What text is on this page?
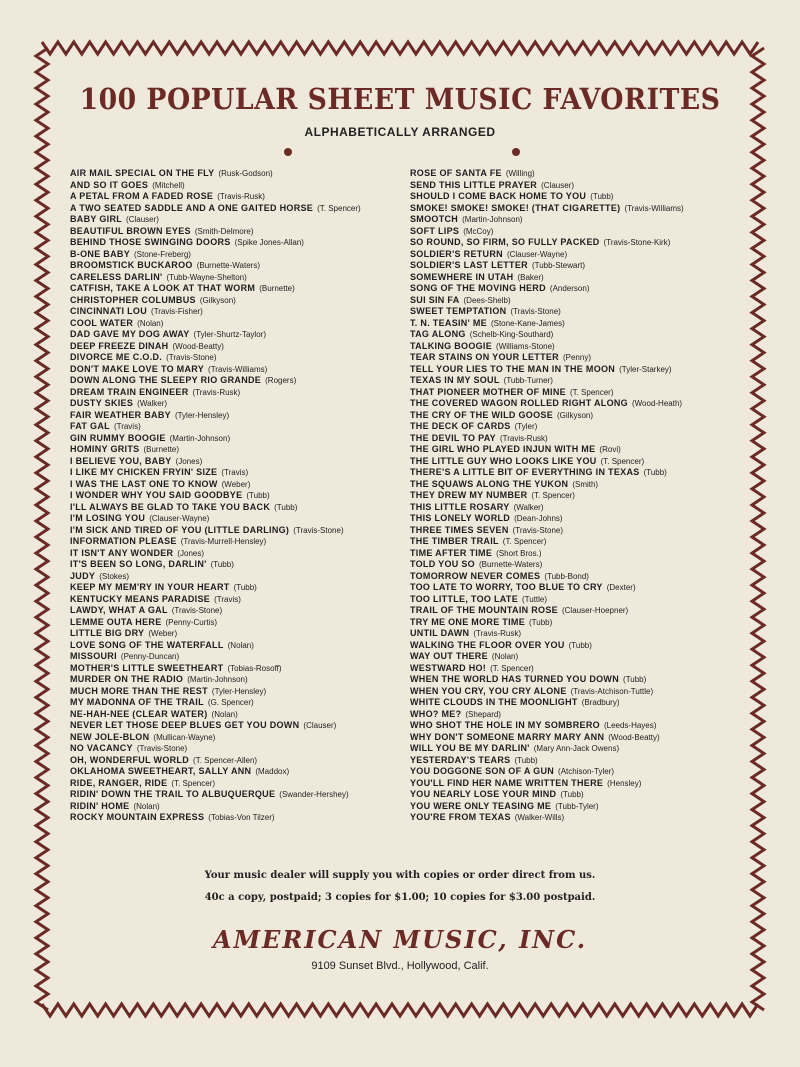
100 POPULAR SHEET MUSIC FAVORITES
ALPHABETICALLY ARRANGED
AIR MAIL SPECIAL ON THE FLY (Rusk-Godson)
AND SO IT GOES (Mitchell)
A PETAL FROM A FADED ROSE (Travis-Rusk)
A TWO SEATED SADDLE AND A ONE GAITED HORSE (T. Spencer)
BABY GIRL (Clauser)
BEAUTIFUL BROWN EYES (Smith-Delmore)
BEHIND THOSE SWINGING DOORS (Spike Jones-Allan)
B-ONE BABY (Stone-Freberg)
BROOMSTICK BUCKAROO (Burnette-Waters)
CARELESS DARLIN' (Tubb-Wayne-Shelton)
CATFISH, TAKE A LOOK AT THAT WORM (Burnette)
CHRISTOPHER COLUMBUS (Gilkyson)
CINCINNATI LOU (Travis-Fisher)
COOL WATER (Nolan)
DAD GAVE MY DOG AWAY (Tyler-Shurtz-Taylor)
DEEP FREEZE DINAH (Wood-Beatty)
DIVORCE ME C.O.D. (Travis-Stone)
DON'T MAKE LOVE TO MARY (Travis-Williams)
DOWN ALONG THE SLEEPY RIO GRANDE (Rogers)
DREAM TRAIN ENGINEER (Travis-Rusk)
DUSTY SKIES (Walker)
FAIR WEATHER BABY (Tyler-Hensley)
FAT GAL (Travis)
GIN RUMMY BOOGIE (Martin-Johnson)
HOMINY GRITS (Burnette)
I BELIEVE YOU, BABY (Jones)
I LIKE MY CHICKEN FRYIN' SIZE (Travis)
I WAS THE LAST ONE TO KNOW (Weber)
I WONDER WHY YOU SAID GOODBYE (Tubb)
I'LL ALWAYS BE GLAD TO TAKE YOU BACK (Tubb)
I'M LOSING YOU (Clauser-Wayne)
I'M SICK AND TIRED OF YOU (LITTLE DARLING) (Travis-Stone)
INFORMATION PLEASE (Travis-Murrell-Hensley)
IT ISN'T ANY WONDER (Jones)
IT'S BEEN SO LONG, DARLIN' (Tubb)
JUDY (Stokes)
KEEP MY MEM'RY IN YOUR HEART (Tubb)
KENTUCKY MEANS PARADISE (Travis)
LAWDY, WHAT A GAL (Travis-Stone)
LEMME OUTA HERE (Penny-Curtis)
LITTLE BIG DRY (Weber)
LOVE SONG OF THE WATERFALL (Nolan)
MISSOURI (Penny-Duncan)
MOTHER'S LITTLE SWEETHEART (Tobias-Rosoff)
MURDER ON THE RADIO (Martin-Johnson)
MUCH MORE THAN THE REST (Tyler-Hensley)
MY MADONNA OF THE TRAIL (G. Spencer)
NE-HAH-NEE (CLEAR WATER) (Nolan)
NEVER LET THOSE DEEP BLUES GET YOU DOWN (Clauser)
NEW JOLE-BLON (Mullican-Wayne)
NO VACANCY (Travis-Stone)
OH, WONDERFUL WORLD (T. Spencer-Allen)
OKLAHOMA SWEETHEART, SALLY ANN (Maddox)
RIDE, RANGER, RIDE (T. Spencer)
RIDIN' DOWN THE TRAIL TO ALBUQUERQUE (Swander-Hershey)
RIDIN' HOME (Nolan)
ROCKY MOUNTAIN EXPRESS (Tobias-Von Tilzer)
ROSE OF SANTA FE (Willing)
SEND THIS LITTLE PRAYER (Clauser)
SHOULD I COME BACK HOME TO YOU (Tubb)
SMOKE! SMOKE! SMOKE! (THAT CIGARETTE) (Travis-Williams)
SMOOTCH (Martin-Johnson)
SOFT LIPS (McCoy)
SO ROUND, SO FIRM, SO FULLY PACKED (Travis-Stone-Kirk)
SOLDIER'S RETURN (Clauser-Wayne)
SOLDIER'S LAST LETTER (Tubb-Stewart)
SOMEWHERE IN UTAH (Baker)
SONG OF THE MOVING HERD (Anderson)
SUI SIN FA (Dees-Shelb)
SWEET TEMPTATION (Travis-Stone)
T. N. TEASIN' ME (Stone-Kane-James)
TAG ALONG (Schelb-King-Southard)
TALKING BOOGIE (Williams-Stone)
TEAR STAINS ON YOUR LETTER (Penny)
TELL YOUR LIES TO THE MAN IN THE MOON (Tyler-Starkey)
TEXAS IN MY SOUL (Tubb-Turner)
THAT PIONEER MOTHER OF MINE (T. Spencer)
THE COVERED WAGON ROLLED RIGHT ALONG (Wood-Heath)
THE CRY OF THE WILD GOOSE (Gilkyson)
THE DECK OF CARDS (Tyler)
THE DEVIL TO PAY (Travis-Rusk)
THE GIRL WHO PLAYED INJUN WITH ME (Rovi)
THE LITTLE GUY WHO LOOKS LIKE YOU (T. Spencer)
THERE'S A LITTLE BIT OF EVERYTHING IN TEXAS (Tubb)
THE SQUAWS ALONG THE YUKON (Smith)
THEY DREW MY NUMBER (T. Spencer)
THIS LITTLE ROSARY (Walker)
THIS LONELY WORLD (Dean-Johns)
THREE TIMES SEVEN (Travis-Stone)
THE TIMBER TRAIL (T. Spencer)
TIME AFTER TIME (Short Bros.)
TOLD YOU SO (Burnette-Waters)
TOMORROW NEVER COMES (Tubb-Bond)
TOO LATE TO WORRY, TOO BLUE TO CRY (Dexter)
TOO LITTLE, TOO LATE (Tuttle)
TRAIL OF THE MOUNTAIN ROSE (Clauser-Hoepner)
TRY ME ONE MORE TIME (Tubb)
UNTIL DAWN (Travis-Rusk)
WALKING THE FLOOR OVER YOU (Tubb)
WAY OUT THERE (Nolan)
WESTWARD HO! (T. Spencer)
WHEN THE WORLD HAS TURNED YOU DOWN (Tubb)
WHEN YOU CRY, YOU CRY ALONE (Travis-Atchison-Tuttle)
WHITE CLOUDS IN THE MOONLIGHT (Bradbury)
WHO? ME? (Shepard)
WHO SHOT THE HOLE IN MY SOMBRERO (Leeds-Hayes)
WHY DON'T SOMEONE MARRY MARY ANN (Wood-Beatty)
WILL YOU BE MY DARLIN' (Mary Ann-Jack Owens)
YESTERDAY'S TEARS (Tubb)
YOU DOGGONE SON OF A GUN (Atchison-Tyler)
YOU'LL FIND HER NAME WRITTEN THERE (Hensley)
YOU NEARLY LOSE YOUR MIND (Tubb)
YOU WERE ONLY TEASING ME (Tubb-Tyler)
YOU'RE FROM TEXAS (Walker-Wills)
Your music dealer will supply you with copies or order direct from us.
40c a copy, postpaid; 3 copies for $1.00; 10 copies for $3.00 postpaid.
AMERICAN MUSIC, INC.
9109 Sunset Blvd., Hollywood, Calif.
